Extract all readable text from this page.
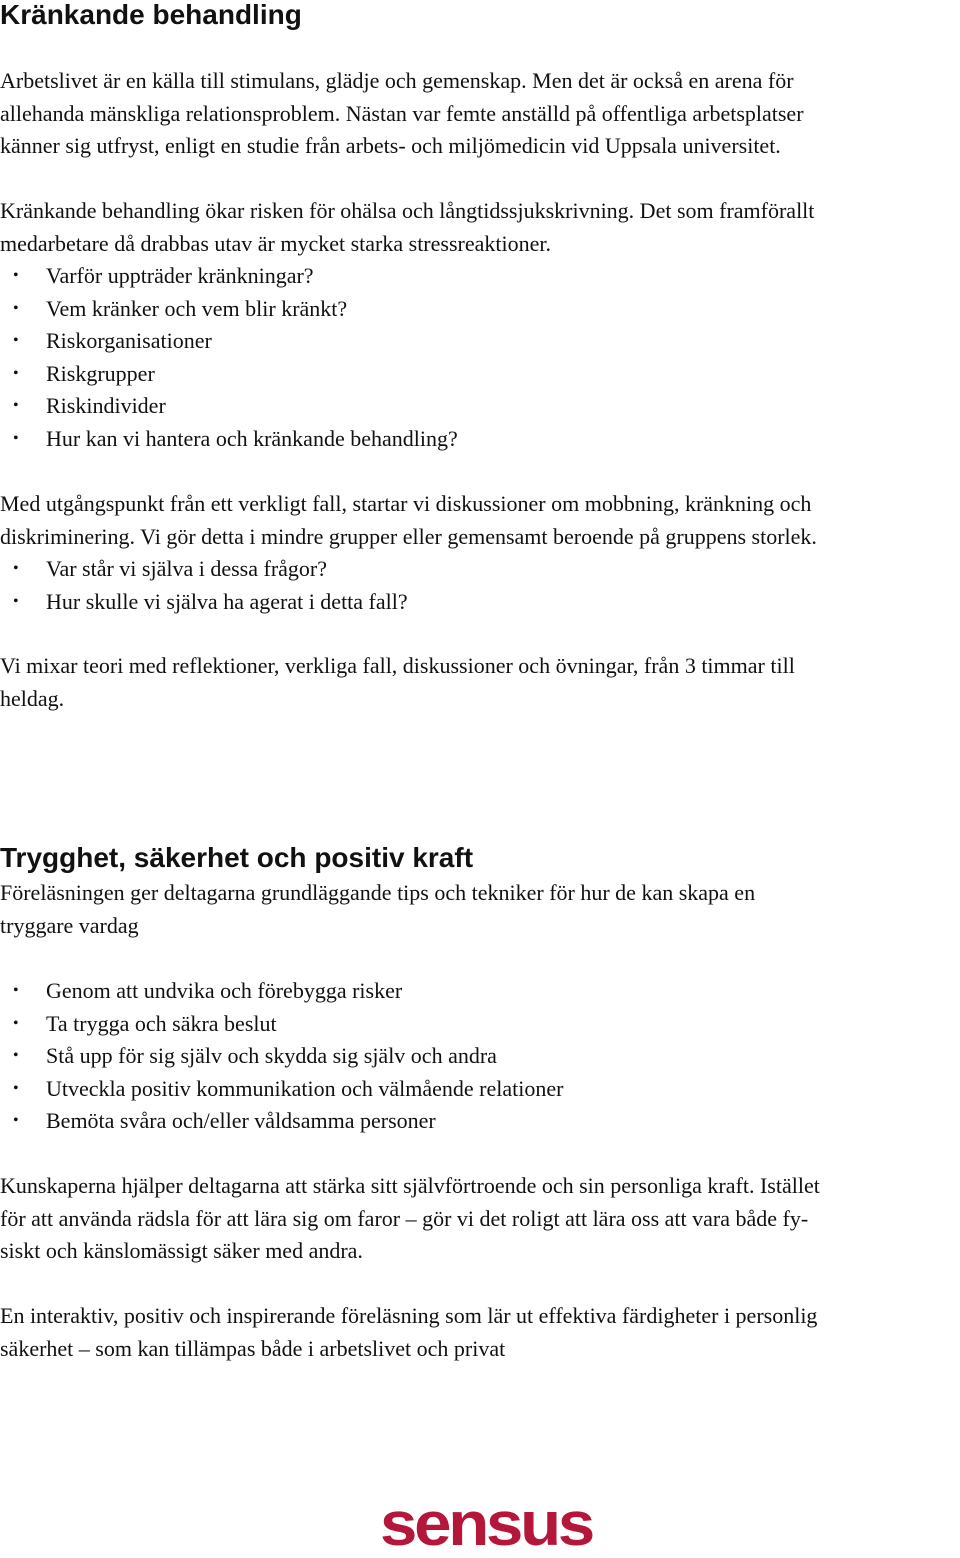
Kränkande behandling

Arbetslivet är en källa till stimulans, glädje och gemenskap. Men det är också en arena för
allehanda mänskliga relationsproblem. Nästan var femte anställd på offentliga arbetsplatser
känner sig utfryst, enligt en studie från arbets- och miljömedicin vid Uppsala universitet.

Kränkande behandling ökar risken för ohälsa och långtidssjukskrivning. Det som framförallt
medarbetare då drabbas utav är mycket starka stressreaktioner.

• Varför uppträder kränkningar?
• Vem kränker och vem blir kränkt?
• Riskorganisationer
• Riskgrupper
• Riskindivider
• Hur kan vi hantera och kränkande behandling?

Med utgångspunkt från ett verkligt fall, startar vi diskussioner om mobbning, kränkning och
diskriminering. Vi gör detta i mindre grupper eller gemensamt beroende på gruppens storlek.

• Var står vi själva i dessa frågor?
• Hur skulle vi själva ha agerat i detta fall?

Vi mixar teori med reflektioner, verkliga fall, diskussioner och övningar, från 3 timmar till
heldag.

Trygghet, säkerhet och positiv kraft

Föreläsningen ger deltagarna grundläggande tips och tekniker för hur de kan skapa en
tryggare vardag

• Genom att undvika och förebygga risker
• Ta trygga och säkra beslut
• Stå upp för sig själv och skydda sig själv och andra
• Utveckla positiv kommunikation och välmående relationer
• Bemöta svåra och/eller våldsamma personer

Kunskaperna hjälper deltagarna att stärka sitt självförtroende och sin personliga kraft. Istället
för att använda rädsla för att lära sig om faror – gör vi det roligt att lära oss att vara både fy-
siskt och känslomässigt säker med andra.

En interaktiv, positiv och inspirerande föreläsning som lär ut effektiva färdigheter i personlig
säkerhet – som kan tillämpas både i arbetslivet och privat

sensus
